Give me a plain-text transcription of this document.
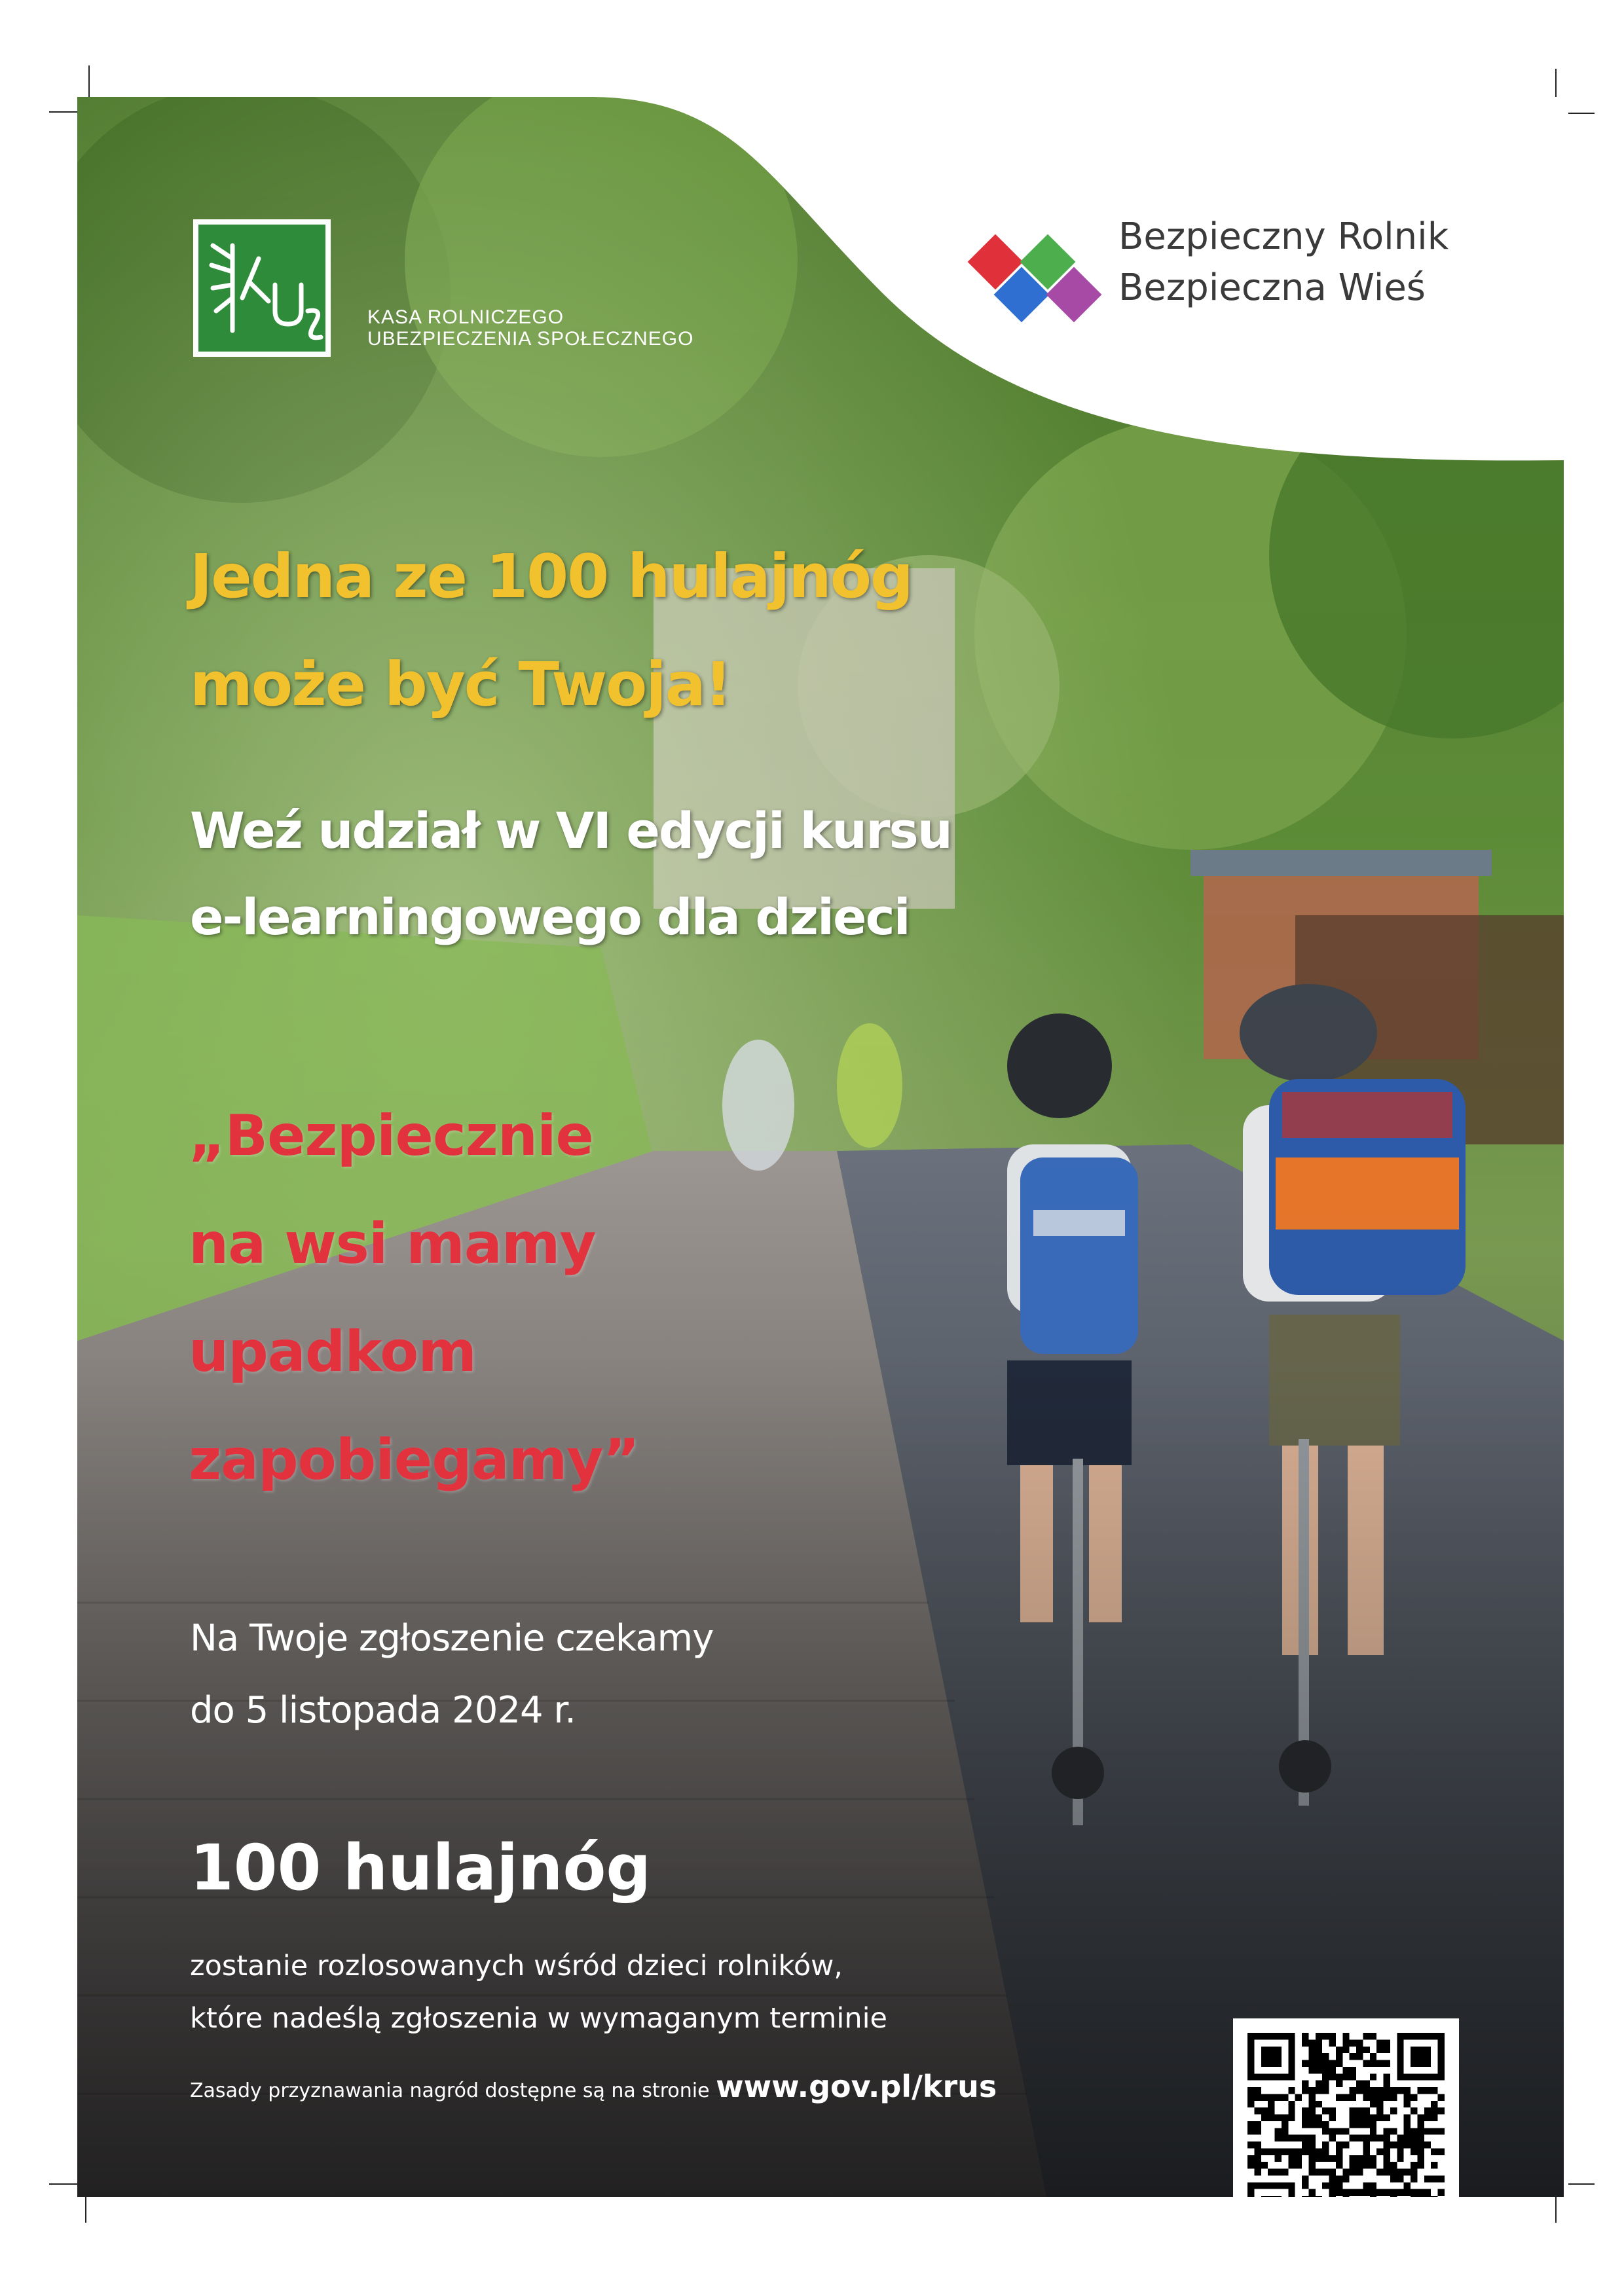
KASA ROLNICZEGO
UBEZPIECZENIA SPOŁECZNEGO
Bezpieczny Rolnik
Bezpieczna Wieś
Jedna ze 100 hulajnóg
może być Twoja!
Weź udział w VI edycji kursu
e-learningowego dla dzieci
„Bezpiecznie
na wsi mamy
upadkom
zapobiegamy”
Na Twoje zgłoszenie czekamy
do 5 listopada 2024 r.
100 hulajnóg
zostanie rozlosowanych wśród dzieci rolników,
które nadeślą zgłoszenia w wymaganym terminie
Zasady przyznawania nagród dostępne są na stronie www.gov.pl/krus
